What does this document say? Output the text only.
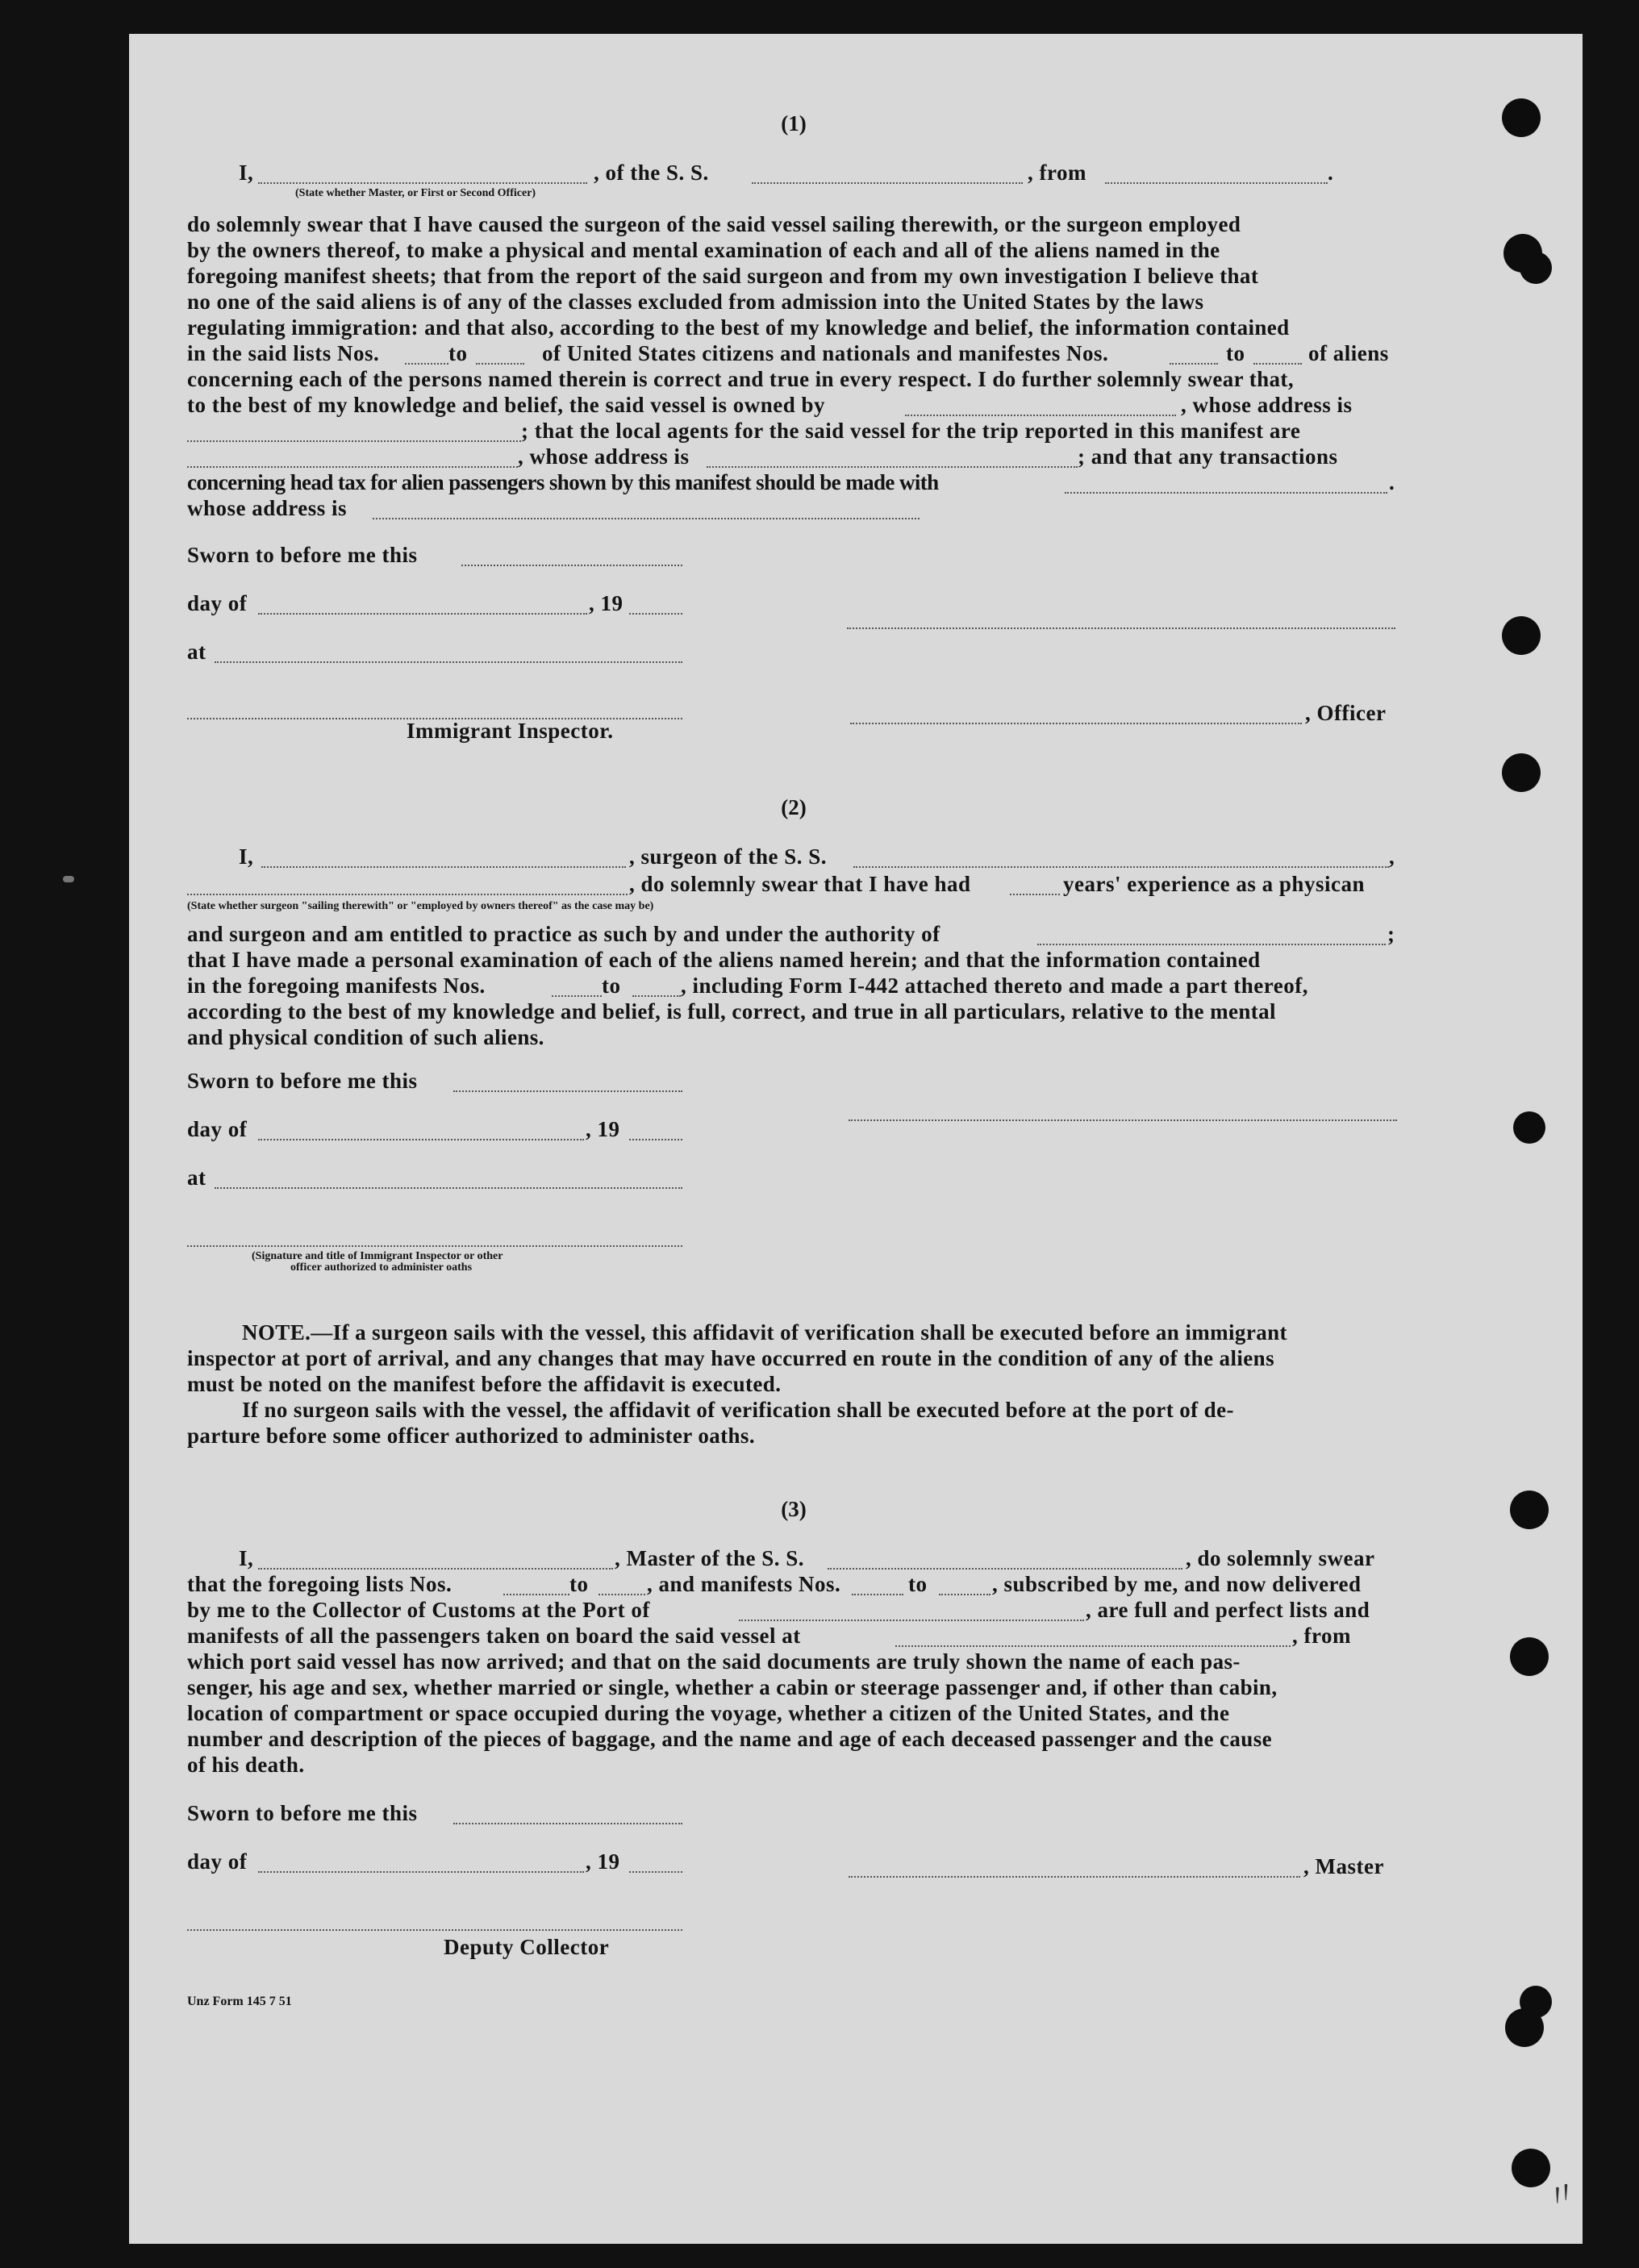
(1)
I,	, of the S. S.	, from	.
(State whether Master, or First or Second Officer)
do solemnly swear that I have caused the surgeon of the said vessel sailing therewith, or the surgeon employed
by the owners thereof, to make a physical and mental examination of each and all of the aliens named in the
foregoing manifest sheets; that from the report of the said surgeon and from my own investigation I believe that
no one of the said aliens is of any of the classes excluded from admission into the United States by the laws
regulating immigration: and that also, according to the best of my knowledge and belief, the information contained
in the said lists Nos.	to	of United States citizens and nationals and manifestes Nos.	to	of aliens
concerning each of the persons named therein is correct and true in every respect. I do further solemnly swear that,
to the best of my knowledge and belief, the said vessel is owned by	, whose address is
; that the local agents for the said vessel for the trip reported in this manifest are
, whose address is	; and that any transactions
concerning head tax for alien passengers shown by this manifest should be made with	.
whose address is
Sworn to before me this
day of	, 19
at
, Officer
Immigrant Inspector.
(2)
I,	, surgeon of the S. S.	,
, do solemnly swear that I have had	years' experience as a physican
(State whether surgeon "sailing therewith" or "employed by owners thereof" as the case may be)
and surgeon and am entitled to practice as such by and under the authority of	;
that I have made a personal examination of each of the aliens named herein; and that the information contained
in the foregoing manifests Nos.	to	, including Form I-442 attached thereto and made a part thereof,
according to the best of my knowledge and belief, is full, correct, and true in all particulars, relative to the mental
and physical condition of such aliens.
Sworn to before me this
day of	, 19
at
(Signature and title of Immigrant Inspector or other
officer authorized to administer oaths
NOTE.—If a surgeon sails with the vessel, this affidavit of verification shall be executed before an immigrant
inspector at port of arrival, and any changes that may have occurred en route in the condition of any of the aliens
must be noted on the manifest before the affidavit is executed.
If no surgeon sails with the vessel, the affidavit of verification shall be executed before at the port of de-
parture before some officer authorized to administer oaths.
(3)
I,	, Master of the S. S.	, do solemnly swear
that the foregoing lists Nos.	to	, and manifests Nos.	to	, subscribed by me, and now delivered
by me to the Collector of Customs at the Port of	, are full and perfect lists and
manifests of all the passengers taken on board the said vessel at	, from
which port said vessel has now arrived; and that on the said documents are truly shown the name of each pas-
senger, his age and sex, whether married or single, whether a cabin or steerage passenger and, if other than cabin,
location of compartment or space occupied during the voyage, whether a citizen of the United States, and the
number and description of the pieces of baggage, and the name and age of each deceased passenger and the cause
of his death.
Sworn to before me this
day of	, 19	, Master
Deputy Collector
Unz Form 145 7 51
〃
